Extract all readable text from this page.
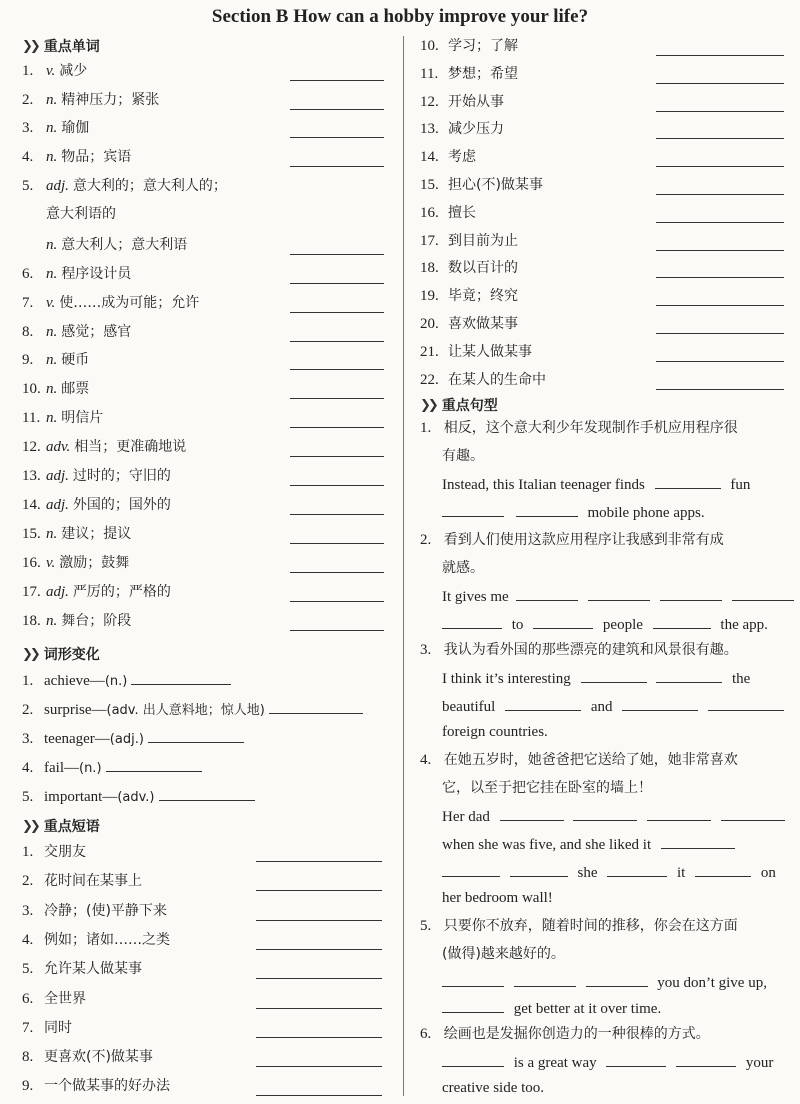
Section B How can a hobby improve your life?
❯❯ 重点单词
1. v. 减少
2. n. 精神压力；紧张
3. n. 瑜伽
4. n. 物品；宾语
5. adj. 意大利的；意大利人的；
意大利语的
n. 意大利人；意大利语
6. n. 程序设计员
7. v. 使……成为可能；允许
8. n. 感觉；感官
9. n. 硬币
10. n. 邮票
11. n. 明信片
12. adv. 相当；更准确地说
13. adj. 过时的；守旧的
14. adj. 外国的；国外的
15. n. 建议；提议
16. v. 激励；鼓舞
17. adj. 严厉的；严格的
18. n. 舞台；阶段
❯❯ 词形变化
1. achieve—(n.)
2. surprise—(adv. 出人意料地；惊人地)
3. teenager—(adj.)
4. fail—(n.)
5. important—(adv.)
❯❯ 重点短语
1. 交朋友
2. 花时间在某事上
3. 冷静；(使)平静下来
4. 例如；诸如……之类
5. 允许某人做某事
6. 全世界
7. 同时
8. 更喜欢(不)做某事
9. 一个做某事的好办法
10. 学习；了解
11. 梦想；希望
12. 开始从事
13. 减少压力
14. 考虑
15. 担心(不)做某事
16. 擅长
17. 到目前为止
18. 数以百计的
19. 毕竟；终究
20. 喜欢做某事
21. 让某人做某事
22. 在某人的生命中
❯❯ 重点句型
1. 相反，这个意大利少年发现制作手机应用程序很
有趣。
Instead, this Italian teenager finds	fun
mobile phone apps.
2. 看到人们使用这款应用程序让我感到非常有成
就感。
It gives me
to	people	the app.
3. 我认为看外国的那些漂亮的建筑和风景很有趣。
I think it’s interesting	the
beautiful	and
foreign countries.
4. 在她五岁时，她爸爸把它送给了她，她非常喜欢
它，以至于把它挂在卧室的墙上！
Her dad
when she was five, and she liked it
she	it	on
her bedroom wall!
5. 只要你不放弃，随着时间的推移，你会在这方面
(做得)越来越好的。
you don’t give up,
get better at it over time.
6. 绘画也是发掘你创造力的一种很棒的方式。
is a great way	your
creative side too.
